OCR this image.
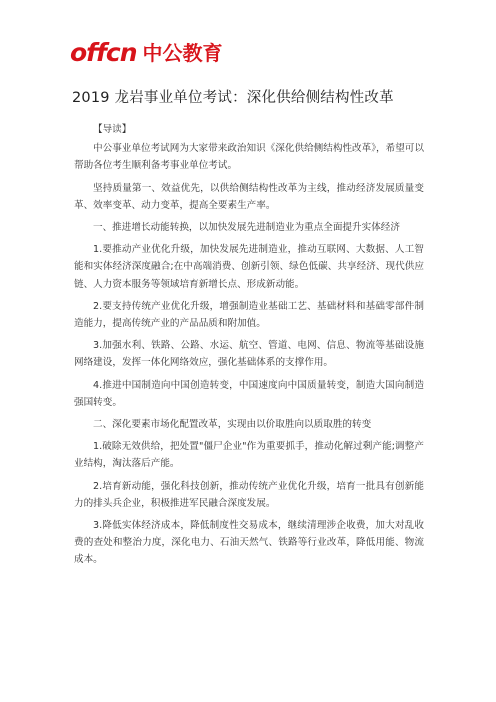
offcn 中公教育
2019 龙岩事业单位考试：深化供给侧结构性改革

【导读】

中公事业单位考试网为大家带来政治知识《深化供给侧结构性改革》，希望可以帮助各位考生顺利备考事业单位考试。

坚持质量第一、效益优先，以供给侧结构性改革为主线，推动经济发展质量变革、效率变革、动力变革，提高全要素生产率。

一、推进增长动能转换，以加快发展先进制造业为重点全面提升实体经济

1.要推动产业优化升级，加快发展先进制造业，推动互联网、大数据、人工智能和实体经济深度融合;在中高端消费、创新引领、绿色低碳、共享经济、现代供应链、人力资本服务等领域培育新增长点、形成新动能。

2.要支持传统产业优化升级，增强制造业基础工艺、基础材料和基础零部件制造能力，提高传统产业的产品品质和附加值。

3.加强水利、铁路、公路、水运、航空、管道、电网、信息、物流等基础设施网络建设，发挥一体化网络效应，强化基础体系的支撑作用。

4.推进中国制造向中国创造转变，中国速度向中国质量转变，制造大国向制造强国转变。

二、深化要素市场化配置改革，实现由以价取胜向以质取胜的转变

1.破除无效供给，把处置"僵尸企业"作为重要抓手，推动化解过剩产能;调整产业结构，淘汰落后产能。

2.培育新动能，强化科技创新，推动传统产业优化升级，培育一批具有创新能力的排头兵企业，积极推进军民融合深度发展。

3.降低实体经济成本，降低制度性交易成本，继续清理涉企收费，加大对乱收费的查处和整治力度，深化电力、石油天然气、铁路等行业改革，降低用能、物流成本。
